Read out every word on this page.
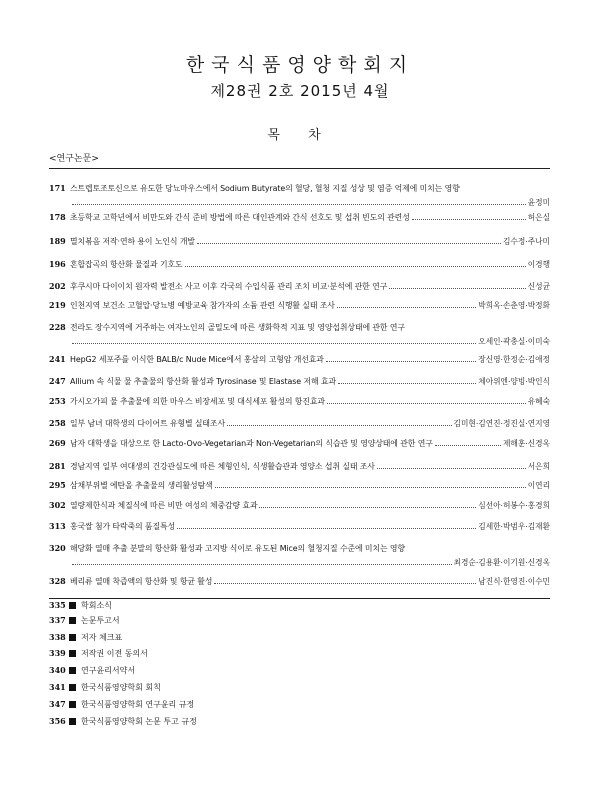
한국식품영양학회지
제28권 2호 2015년 4월
목 차
<연구논문>
171 스트렙토조토신으로 유도한 당뇨마우스에서 Sodium Butyrate의 혈당, 혈청 지질 성상 및 염증 억제에 미치는 영향
윤정미
178 초등학교 고학년에서 비만도와 간식 준비 방법에 따른 대인관계와 간식 선호도 및 섭취 빈도의 관련성	허은실
189 멸치볶음 저작·연하 용이 노인식 개발	김수정·주나미
196 혼합잡곡의 항산화 물질과 기호도	이경행
202 후쿠시마 다이이치 원자력 발전소 사고 이후 각국의 수입식품 관리 조치 비교·분석에 관한 연구	신성균
219 인천지역 보건소 고혈압·당뇨병 예방교육 참가자의 소듐 관련 식행활 실태 조사	박희옥·손춘영·박정화
228 전라도 장수지역에 거주하는 여자노인의 골밀도에 따른 생화학적 지표 및 영양섭취상태에 관한 연구
오세인·곽충실·이미숙
241 HepG2 세포주를 이식한 BALB/c Nude Mice에서 홍삼의 고형암 개선효과	장신영·한정순·김애정
247 Allium 속 식물 물 추출물의 항산화 활성과 Tyrosinase 및 Elastase 저해 효과	체아위엔·양빙·박인식
253 가시오가피 물 추출물에 의한 마우스 비장세포 및 대식세포 활성의 항진효과	유혜숙
258 일부 남녀 대학생의 다이어트 유형별 실태조사	김미현·김연진·정진실·연지영
269 남자 대학생을 대상으로 한 Lacto-Ovo-Vegetarian과 Non-Vegetarian의 식습관 및 영양상태에 관한 연구	제해훈·신경옥
281 경남지역 일부 여대생의 건강관심도에 따른 체형인식, 식생활습관과 영양소 섭취 실태 조사	서은희
295 삼채부위별 에탄올 추출물의 생리활성탐색	이연리
302 열량제한식과 체질식에 따른 비만 여성의 체중감량 효과	심선아·허봉수·홍경희
313 홍국쌀 첨가 타락죽의 품질특성	김세한·박범우·김재환
320 해당화 열매 추출 분말의 항산화 활성과 고지방 식이로 유도된 Mice의 혈청지질 수준에 미치는 영향
최경순·김용환·이기원·신경옥
328 베리류 열매 착즙액의 항산화 및 항균 활성	남진식·한영진·이수민
335	학회소식
337	논문투고서
338	저자 체크표
339	저작권 이전 동의서
340	연구윤리서약서
341	한국식품영양학회 회칙
347	한국식품영양학회 연구윤리 규정
356	한국식품영양학회 논문 투고 규정
